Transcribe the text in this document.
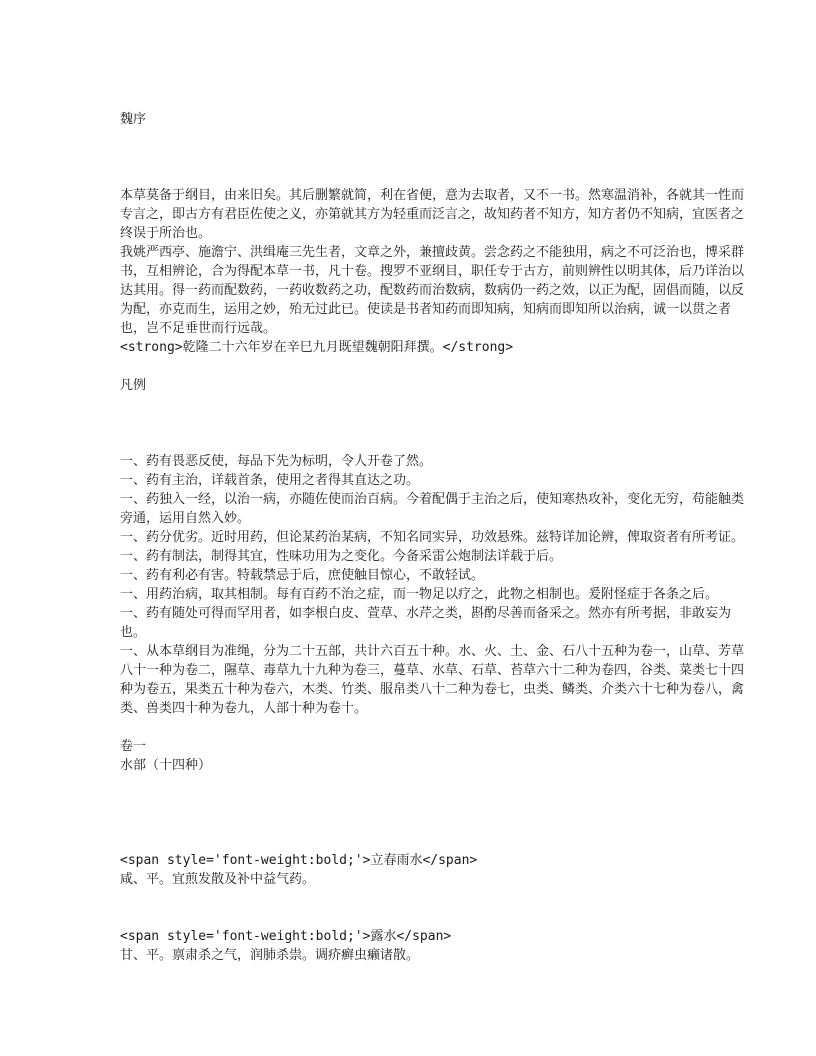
魏序

本草莫备于纲目，由来旧矣。其后删繁就简，利在省便，意为去取者，又不一书。然寒温消补，各就其一性而专言之，即古方有君臣佐使之义，亦第就其方为轻重而泛言之，故知药者不知方，知方者仍不知病，宜医者之终误于所治也。

我姚严西亭、施澹宁、洪缉庵三先生者，文章之外，兼擅歧黄。尝念药之不能独用，病之不可泛治也，博采群书，互相辨论，合为得配本草一书，凡十卷。搜罗不亚纲目，职任专于古方，前则辨性以明其体，后乃详治以达其用。得一药而配数药，一药收数药之功，配数药而治数病，数病仍一药之效，以正为配，固倡而随，以反为配，亦克而生，运用之妙，殆无过此已。使读是书者知药而即知病，知病而即知所以治病，诚一以贯之者也，岂不足垂世而行远哉。

<strong>乾隆二十六年岁在辛巳九月既望魏朝阳拜撰。</strong>

凡例

一、药有畏恶反使，每品下先为标明，令人开卷了然。

一、药有主治，详载首条，使用之者得其直达之功。

一、药独入一经，以治一病，亦随佐使而治百病。今着配偶于主治之后，使知寒热攻补，变化无穷，苟能触类旁通，运用自然入妙。

一、药分优劣。近时用药，但论某药治某病，不知名同实异，功效悬殊。兹特详加论辨，俾取资者有所考证。

一、药有制法，制得其宜，性味功用为之变化。今备采雷公炮制法详载于后。

一、药有利必有害。特载禁忌于后，庶使触目惊心，不敢轻试。

一、用药治病，取其相制。每有百药不治之症，而一物足以疗之，此物之相制也。爰附怪症于各条之后。

一、药有随处可得而罕用者，如李根白皮、萱草、水芹之类，斟酌尽善而备采之。然亦有所考据，非敢妄为也。

一、从本草纲目为准绳，分为二十五部，共计六百五十种。水、火、土、金、石八十五种为卷一，山草、芳草八十一种为卷二，隰草、毒草九十九种为卷三，蔓草、水草、石草、苔草六十二种为卷四，谷类、菜类七十四种为卷五，果类五十种为卷六，木类、竹类、服帛类八十二种为卷七，虫类、鳞类、介类六十七种为卷八，禽类、兽类四十种为卷九，人部十种为卷十。

卷一

水部（十四种）

<span style='font-weight:bold;'>立春雨水</span>

咸、平。宜煎发散及补中益气药。

<span style='font-weight:bold;'>露水</span>

甘、平。禀肃杀之气，润肺杀祟。调疥癣虫癞诸散。
